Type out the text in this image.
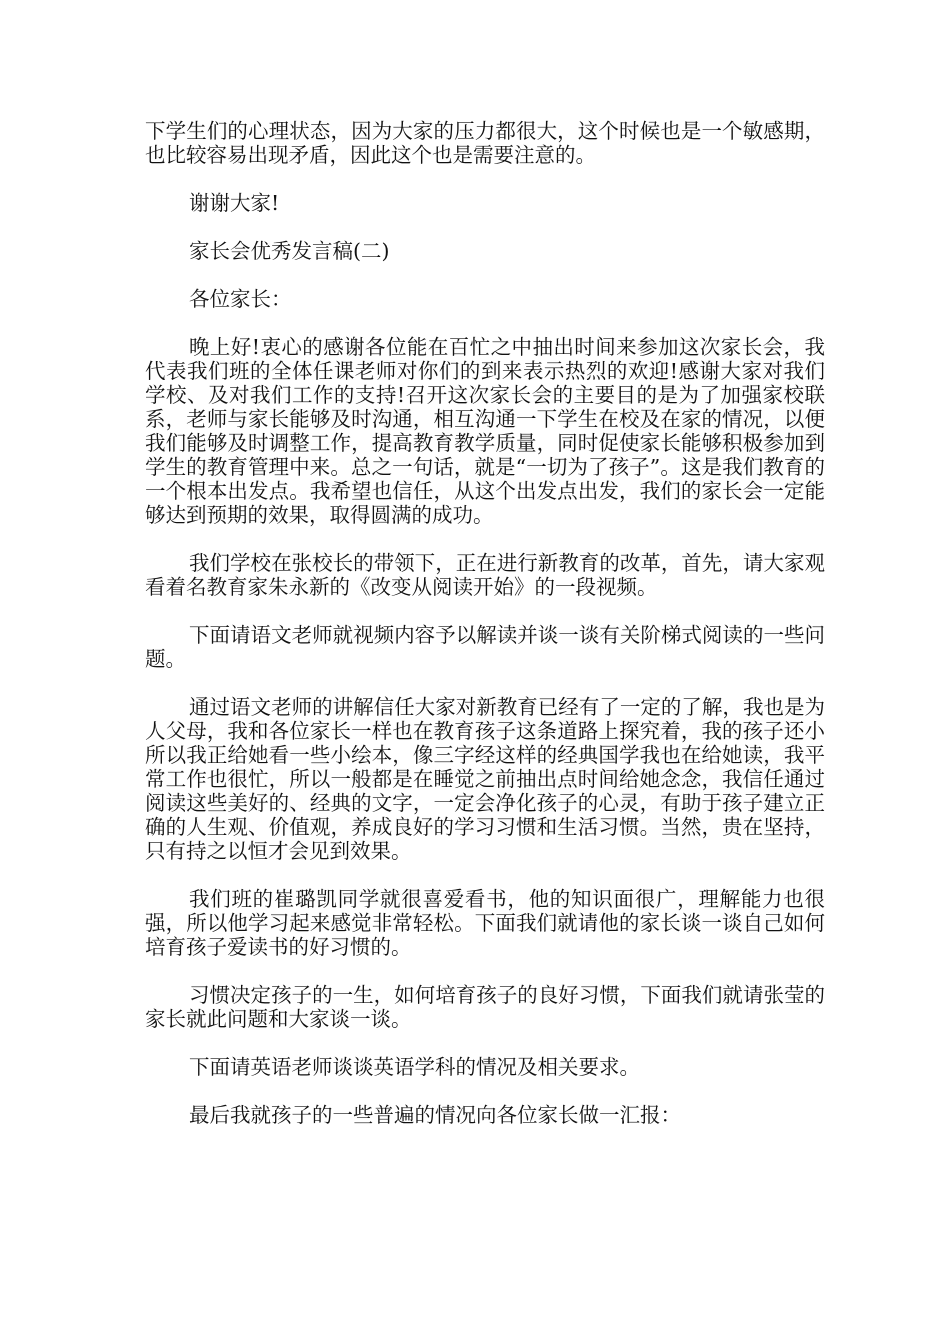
下学生们的心理状态，因为大家的压力都很大，这个时候也是一个敏感期，也比较容易出现矛盾，因此这个也是需要注意的。

谢谢大家!

家长会优秀发言稿(二)

各位家长：

晚上好!衷心的感谢各位能在百忙之中抽出时间来参加这次家长会，我代表我们班的全体任课老师对你们的到来表示热烈的欢迎!感谢大家对我们学校、及对我们工作的支持!召开这次家长会的主要目的是为了加强家校联系，老师与家长能够及时沟通，相互沟通一下学生在校及在家的情况，以便我们能够及时调整工作，提高教育教学质量，同时促使家长能够积极参加到学生的教育管理中来。总之一句话，就是“一切为了孩子”。这是我们教育的一个根本出发点。我希望也信任，从这个出发点出发，我们的家长会一定能够达到预期的效果，取得圆满的成功。

我们学校在张校长的带领下，正在进行新教育的改革，首先，请大家观看着名教育家朱永新的《改变从阅读开始》的一段视频。

下面请语文老师就视频内容予以解读并谈一谈有关阶梯式阅读的一些问题。

通过语文老师的讲解信任大家对新教育已经有了一定的了解，我也是为人父母，我和各位家长一样也在教育孩子这条道路上探究着，我的孩子还小所以我正给她看一些小绘本，像三字经这样的经典国学我也在给她读，我平常工作也很忙，所以一般都是在睡觉之前抽出点时间给她念念，我信任通过阅读这些美好的、经典的文字，一定会净化孩子的心灵，有助于孩子建立正确的人生观、价值观，养成良好的学习习惯和生活习惯。当然，贵在坚持，只有持之以恒才会见到效果。

我们班的崔璐凯同学就很喜爱看书，他的知识面很广，理解能力也很强，所以他学习起来感觉非常轻松。下面我们就请他的家长谈一谈自己如何培育孩子爱读书的好习惯的。

习惯决定孩子的一生，如何培育孩子的良好习惯，下面我们就请张莹的家长就此问题和大家谈一谈。

下面请英语老师谈谈英语学科的情况及相关要求。

最后我就孩子的一些普遍的情况向各位家长做一汇报：
